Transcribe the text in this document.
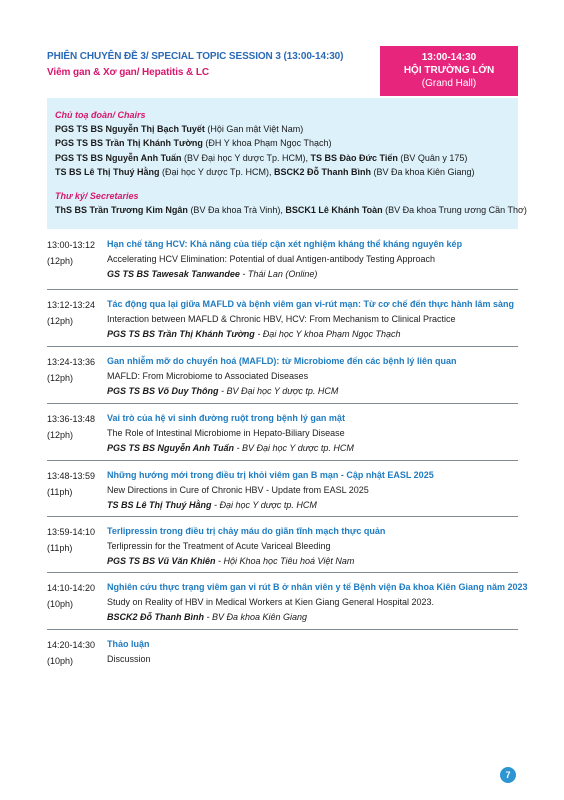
PHIÊN CHUYÊN ĐỀ 3/ SPECIAL TOPIC SESSION 3 (13:00-14:30)
Viêm gan & Xơ gan/ Hepatitis & LC
13:00-14:30
HỘI TRƯỜNG LỚN
(Grand Hall)
Chủ toạ đoàn/ Chairs
PGS TS BS Nguyễn Thị Bạch Tuyết (Hội Gan mật Việt Nam)
PGS TS BS Trần Thị Khánh Tường (ĐH Y khoa Phạm Ngọc Thạch)
PGS TS BS Nguyễn Anh Tuấn (BV Đại học Y dược Tp. HCM), TS BS Đào Đức Tiến (BV Quân y 175)
TS BS Lê Thị Thuý Hằng (Đại học Y dược Tp. HCM), BSCK2 Đỗ Thanh Bình (BV Đa khoa Kiên Giang)
Thư ký/ Secretaries
ThS BS Trần Trương Kim Ngân (BV Đa khoa Trà Vinh), BSCK1 Lê Khánh Toàn (BV Đa khoa Trung ương Cần Thơ)
13:00-13:12
(12ph)
Hạn chế tăng HCV: Khả năng của tiếp cận xét nghiệm kháng thể kháng nguyên kép
Accelerating HCV Elimination: Potential of dual Antigen-antibody Testing Approach
GS TS BS Tawesak Tanwandee - Thái Lan (Online)
13:12-13:24
(12ph)
Tác động qua lại giữa MAFLD và bệnh viêm gan vi-rút mạn: Từ cơ chế đến thực hành lâm sàng
Interaction between MAFLD & Chronic HBV, HCV: From Mechanism to Clinical Practice
PGS TS BS Trần Thị Khánh Tường - Đại học Y khoa Phạm Ngọc Thạch
13:24-13:36
(12ph)
Gan nhiễm mỡ do chuyển hoá (MAFLD): từ Microbiome đến các bệnh lý liên quan
MAFLD: From Microbiome to Associated Diseases
PGS TS BS Võ Duy Thông - BV Đại học Y dược tp. HCM
13:36-13:48
(12ph)
Vai trò của hệ vi sinh đường ruột trong bệnh lý gan mật
The Role of Intestinal Microbiome in Hepato-Biliary Disease
PGS TS BS Nguyễn Anh Tuấn - BV Đại học Y dược tp. HCM
13:48-13:59
(11ph)
Những hướng mới trong điều trị khỏi viêm gan B mạn - Cập nhật EASL 2025
New Directions in Cure of Chronic HBV - Update from EASL 2025
TS BS Lê Thị Thuý Hằng - Đại học Y dược tp. HCM
13:59-14:10
(11ph)
Terlipressin trong điều trị chảy máu do giãn tĩnh mạch thực quản
Terlipressin for the Treatment of Acute Variceal Bleeding
PGS TS BS Vũ Văn Khiên - Hội Khoa học Tiêu hoá Việt Nam
14:10-14:20
(10ph)
Nghiên cứu thực trạng viêm gan vi rút B ở nhân viên y tế Bệnh viện Đa khoa Kiên Giang năm 2023
Study on Reality of HBV in Medical Workers at Kien Giang General Hospital 2023.
BSCK2 Đỗ Thanh Bình - BV Đa khoa Kiên Giang
14:20-14:30
(10ph)
Thảo luận
Discussion
7
